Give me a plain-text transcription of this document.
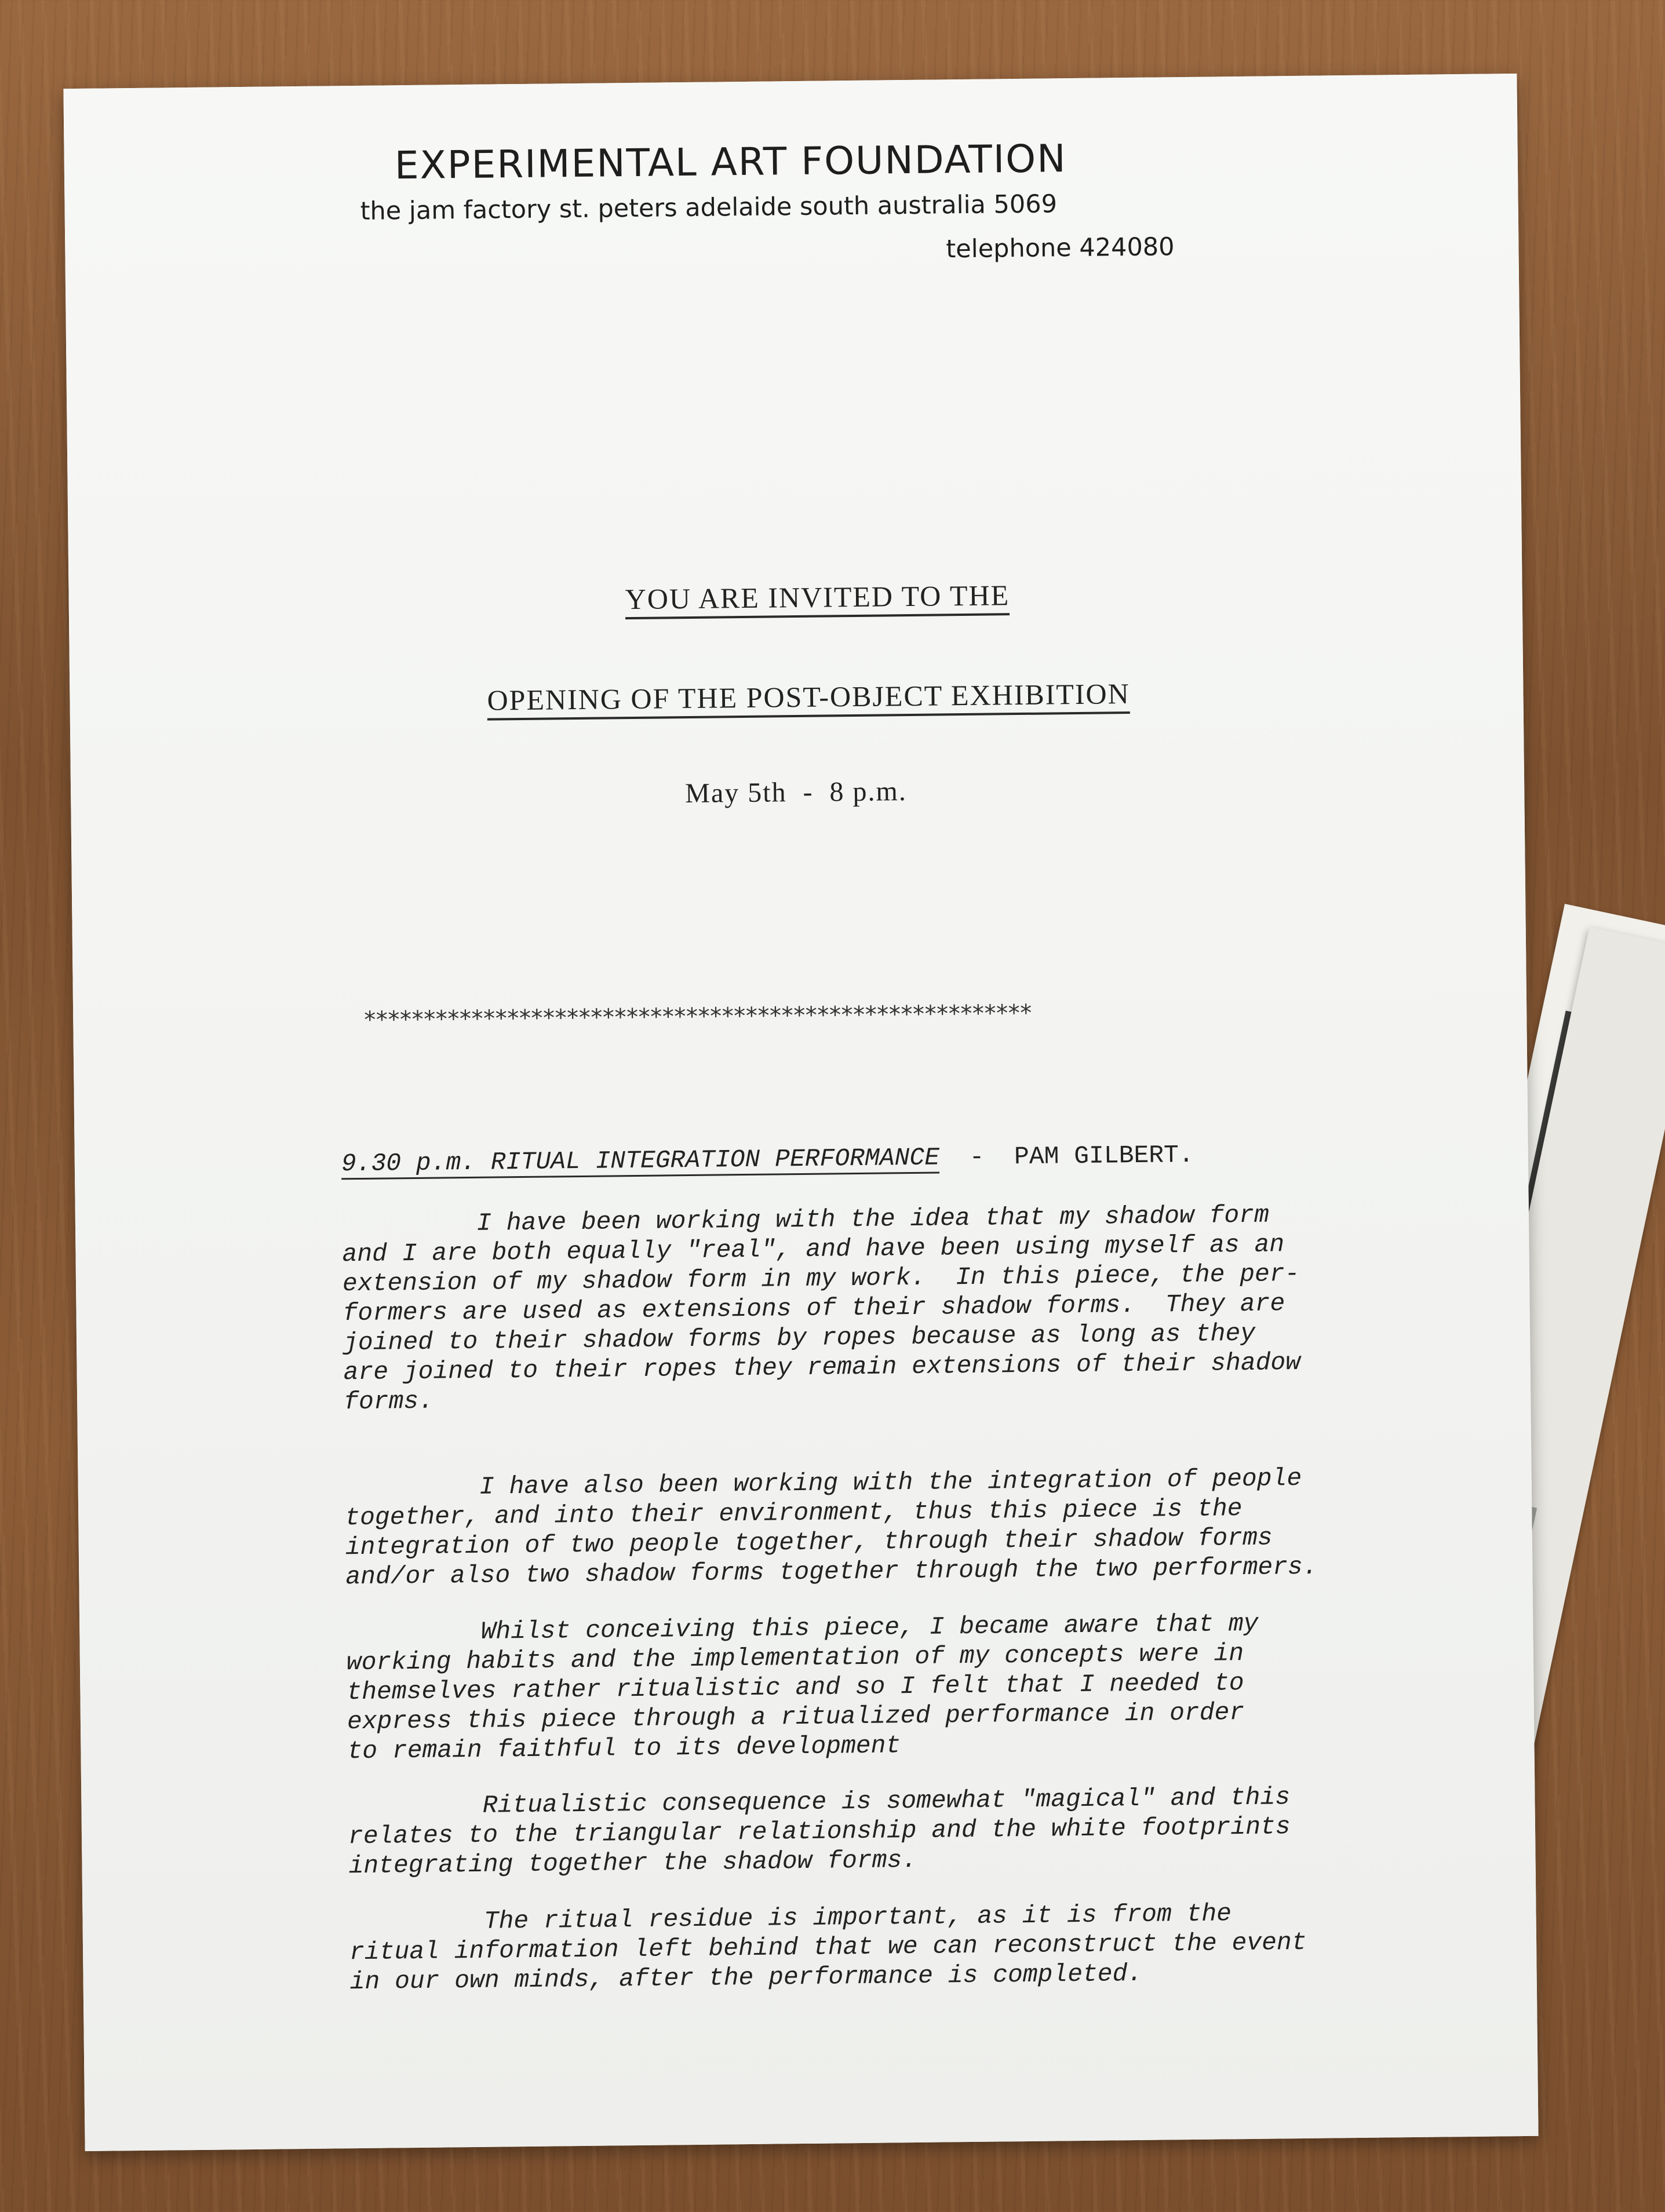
EXPERIMENTAL ART FOUNDATION
the jam factory st. peters adelaide south australia 5069
telephone 424080
YOU ARE INVITED TO THE
OPENING OF THE POST-OBJECT EXHIBITION
May 5th  -  8 p.m.
********************************************************
9.30 p.m. RITUAL INTEGRATION PERFORMANCE  -  PAM GILBERT.
I have been working with the idea that my shadow form
and I are both equally "real", and have been using myself as an
extension of my shadow form in my work.  In this piece, the per-
formers are used as extensions of their shadow forms.  They are
joined to their shadow forms by ropes because as long as they
are joined to their ropes they remain extensions of their shadow
forms.
I have also been working with the integration of people
together, and into their environment, thus this piece is the
integration of two people together, through their shadow forms
and/or also two shadow forms together through the two performers.
Whilst conceiving this piece, I became aware that my
working habits and the implementation of my concepts were in
themselves rather ritualistic and so I felt that I needed to
express this piece through a ritualized performance in order
to remain faithful to its development
Ritualistic consequence is somewhat "magical" and this
relates to the triangular relationship and the white footprints
integrating together the shadow forms.
The ritual residue is important, as it is from the
ritual information left behind that we can reconstruct the event
in our own minds, after the performance is completed.
